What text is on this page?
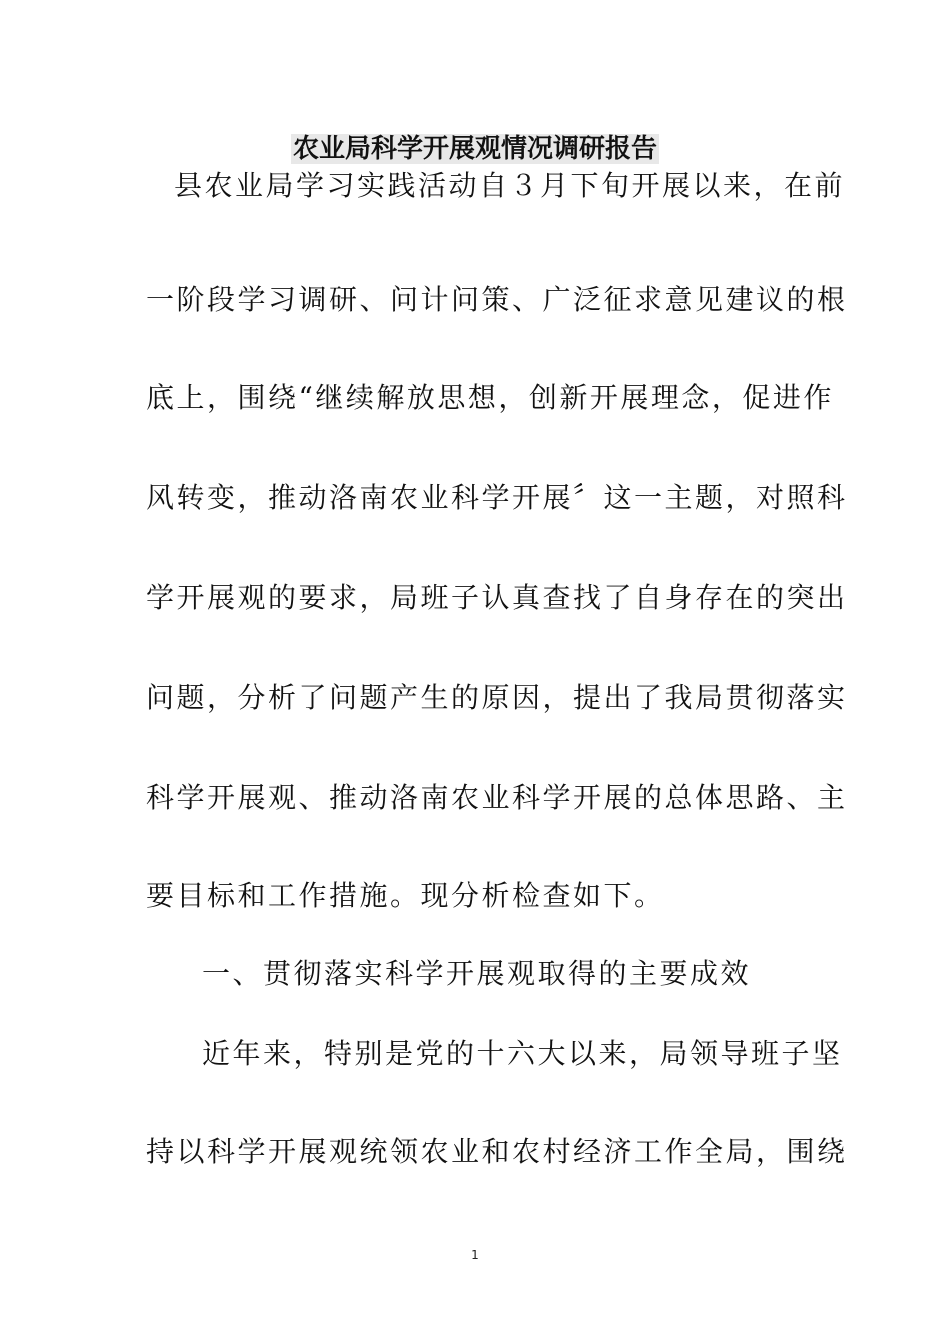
农业局科学开展观情况调研报告
县农业局学习实践活动自３月下旬开展以来，在前
一阶段学习调研、问计问策、广泛征求意见建议的根
底上，围绕“继续解放思想，创新开展理念，促进作
风转变，推动洛南农业科学开展〞这一主题，对照科
学开展观的要求，局班子认真查找了自身存在的突出
问题，分析了问题产生的原因，提出了我局贯彻落实
科学开展观、推动洛南农业科学开展的总体思路、主
要目标和工作措施。现分析检查如下。
一、贯彻落实科学开展观取得的主要成效
近年来，特别是党的十六大以来，局领导班子坚
持以科学开展观统领农业和农村经济工作全局，围绕
1
